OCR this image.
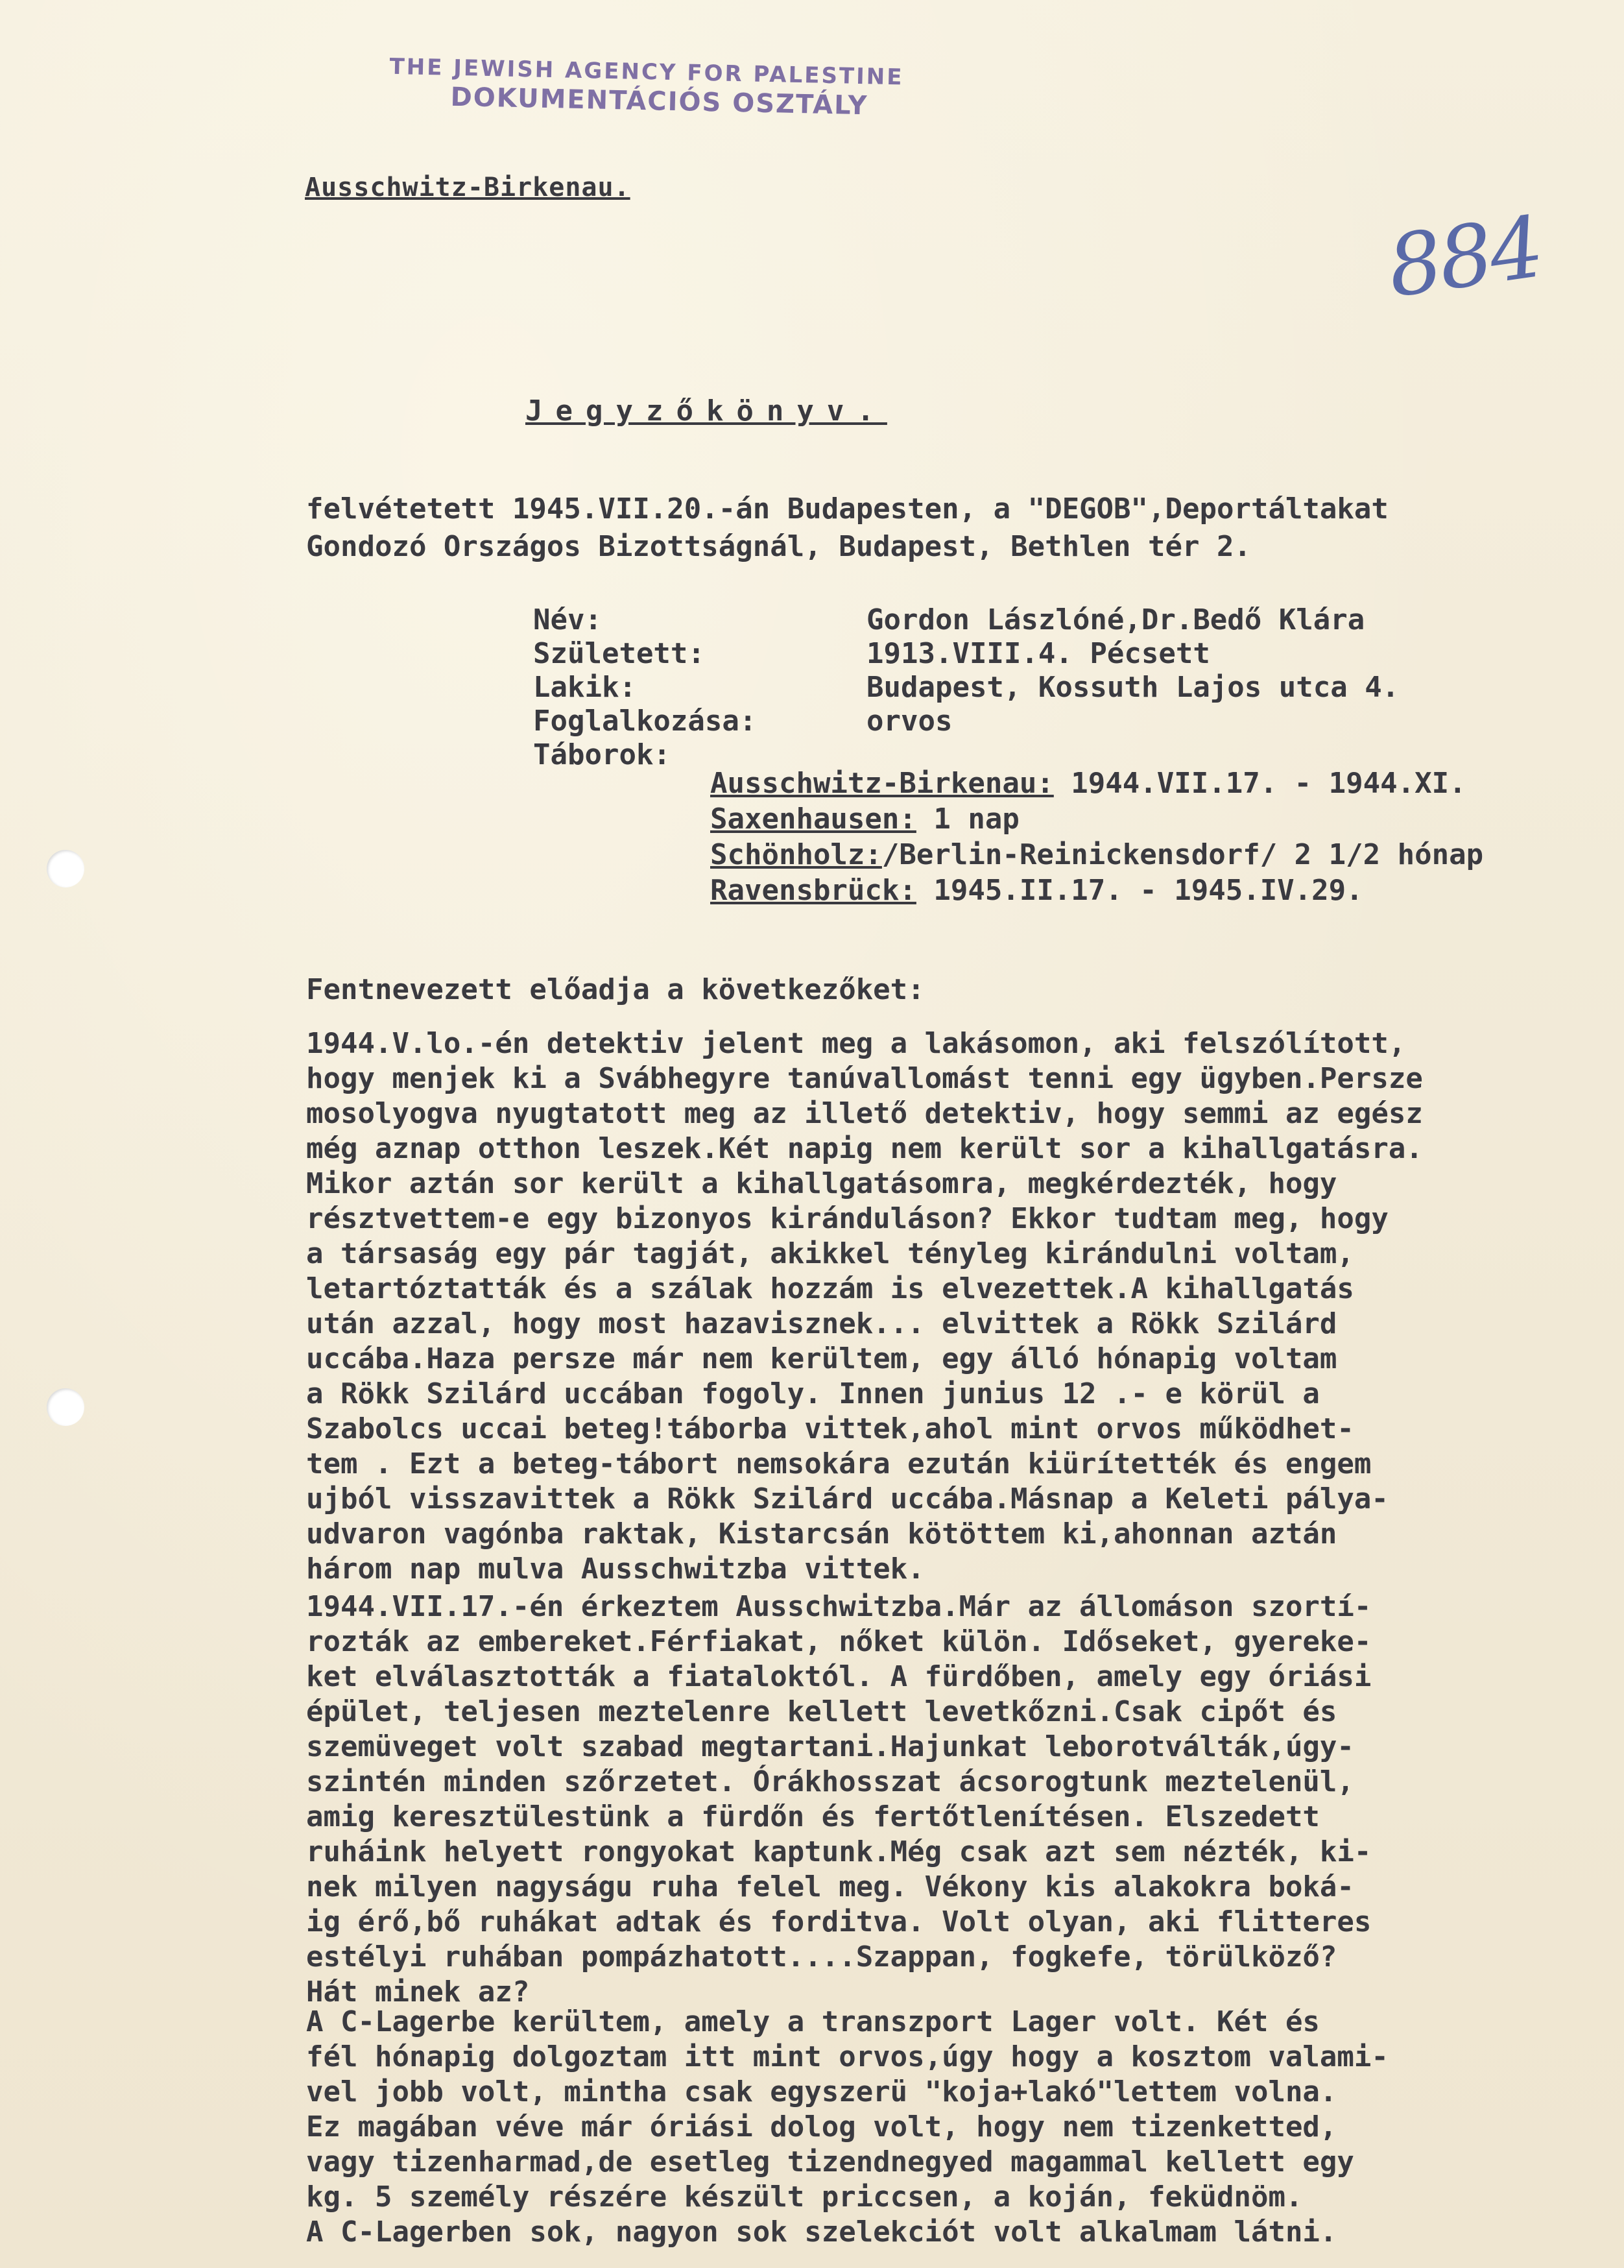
THE JEWISH AGENCY FOR PALESTINE
DOKUMENTÁCIÓS OSZTÁLY
Ausschwitz-Birkenau.
884
Jegyzőkönyv.

felvétetett 1945.VII.20.-án Budapesten, a "DEGOB",Deportáltakat
Gondozó Országos Bizottságnál, Budapest, Bethlen tér 2.

Név:	Gordon Lászlóné,Dr.Bedő Klára
Született:	1913.VIII.4. Pécsett
Lakik:	Budapest, Kossuth Lajos utca 4.
Foglalkozása:	orvos
Táborok:
Ausschwitz-Birkenau: 1944.VII.17. - 1944.XI.
Saxenhausen: 1 nap
Schönholz:/Berlin-Reinickensdorf/ 2 1/2 hónap
Ravensbrück: 1945.II.17. - 1945.IV.29.
Fentnevezett előadja a következőket:

1944.V.lo.-én detektiv jelent meg a lakásomon, aki felszólított,
hogy menjek ki a Svábhegyre tanúvallomást tenni egy ügyben.Persze
mosolyogva nyugtatott meg az illető detektiv, hogy semmi az egész
még aznap otthon leszek.Két napig nem került sor a kihallgatásra.
Mikor aztán sor került a kihallgatásomra, megkérdezték, hogy
résztvettem-e egy bizonyos kiránduláson? Ekkor tudtam meg, hogy
a társaság egy pár tagját, akikkel tényleg kirándulni voltam,
letartóztatták és a szálak hozzám is elvezettek.A kihallgatás
után azzal, hogy most hazavisznek... elvittek a Rökk Szilárd
uccába.Haza persze már nem kerültem, egy álló hónapig voltam
a Rökk Szilárd uccában fogoly. Innen junius 12 .- e körül a
Szabolcs uccai beteg!táborba vittek,ahol mint orvos működhet-
tem . Ezt a beteg-tábort nemsokára ezután kiürítették és engem
ujból visszavittek a Rökk Szilárd uccába.Másnap a Keleti pálya-
udvaron vagónba raktak, Kistarcsán kötöttem ki,ahonnan aztán
három nap mulva Ausschwitzba vittek.

1944.VII.17.-én érkeztem Ausschwitzba.Már az állomáson szortí-
rozták az embereket.Férfiakat, nőket külön. Időseket, gyereke-
ket elválasztották a fiataloktól. A fürdőben, amely egy óriási
épület, teljesen meztelenre kellett levetkőzni.Csak cipőt és
szemüveget volt szabad megtartani.Hajunkat leborotválták,úgy-
szintén minden szőrzetet. Órákhosszat ácsorogtunk meztelenül,
amig keresztülestünk a fürdőn és fertőtlenítésen. Elszedett
ruháink helyett rongyokat kaptunk.Még csak azt sem nézték, ki-
nek milyen nagyságu ruha felel meg. Vékony kis alakokra boká-
ig érő,bő ruhákat adtak és forditva. Volt olyan, aki flitteres
estélyi ruhában pompázhatott....Szappan, fogkefe, törülköző?
Hát minek az?

A C-Lagerbe kerültem, amely a transzport Lager volt. Két és
fél hónapig dolgoztam itt mint orvos,úgy hogy a kosztom valami-
vel jobb volt, mintha csak egyszerü "koja+lakó"lettem volna.
Ez magában véve már óriási dolog volt, hogy nem tizenketted,
vagy tizenharmad,de esetleg tizendnegyed magammal kellett egy
kg. 5 személy részére készült priccsen, a koján, feküdnöm.
A C-Lagerben sok, nagyon sok szelekciót volt alkalmam látni.
